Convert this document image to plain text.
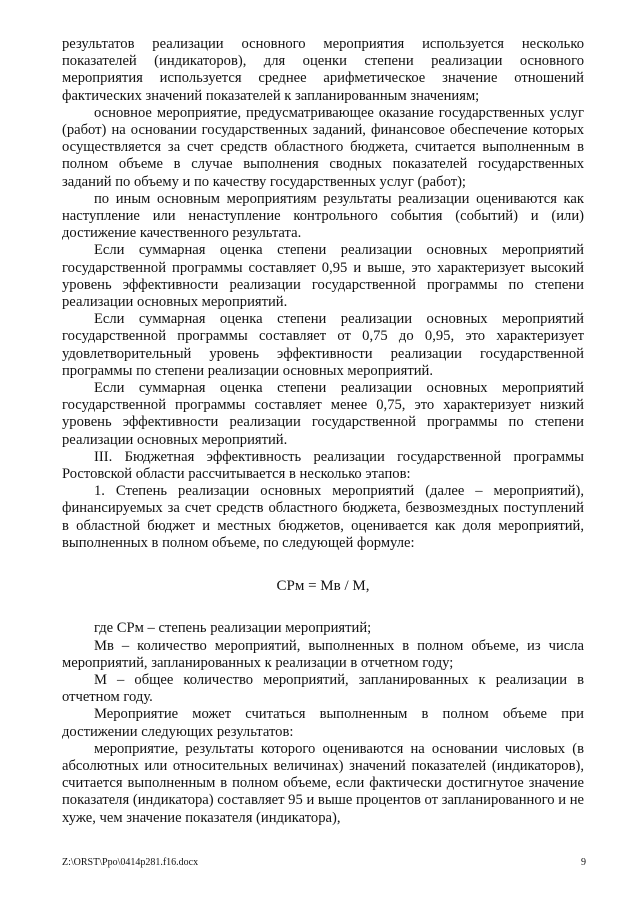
результатов реализации основного мероприятия используется несколько показателей (индикаторов), для оценки степени реализации основного мероприятия используется среднее арифметическое значение отношений фактических значений показателей к запланированным значениям;

основное мероприятие, предусматривающее оказание государственных услуг (работ) на основании государственных заданий, финансовое обеспечение которых осуществляется за счет средств областного бюджета, считается выполненным в полном объеме в случае выполнения сводных показателей государственных заданий по объему и по качеству государственных услуг (работ);

по иным основным мероприятиям результаты реализации оцениваются как наступление или ненаступление контрольного события (событий) и (или) достижение качественного результата.

Если суммарная оценка степени реализации основных мероприятий государственной программы составляет 0,95 и выше, это характеризует высокий уровень эффективности реализации государственной программы по степени реализации основных мероприятий.

Если суммарная оценка степени реализации основных мероприятий государственной программы составляет от 0,75 до 0,95, это характеризует удовлетворительный уровень эффективности реализации государственной программы по степени реализации основных мероприятий.

Если суммарная оценка степени реализации основных мероприятий государственной программы составляет менее 0,75, это характеризует низкий уровень эффективности реализации государственной программы по степени реализации основных мероприятий.

III. Бюджетная эффективность реализации государственной программы Ростовской области рассчитывается в несколько этапов:

1. Степень реализации основных мероприятий (далее – мероприятий), финансируемых за счет средств областного бюджета, безвозмездных поступлений в областной бюджет и местных бюджетов, оценивается как доля мероприятий, выполненных в полном объеме, по следующей формуле:

СРм = Мв / М,

где СРм – степень реализации мероприятий;

Мв – количество мероприятий, выполненных в полном объеме, из числа мероприятий, запланированных к реализации в отчетном году;

М – общее количество мероприятий, запланированных к реализации в отчетном году.

Мероприятие может считаться выполненным в полном объеме при достижении следующих результатов:

мероприятие, результаты которого оцениваются на основании числовых (в абсолютных или относительных величинах) значений показателей (индикаторов), считается выполненным в полном объеме, если фактически достигнутое значение показателя (индикатора) составляет 95 и выше процентов от запланированного и не хуже, чем значение показателя (индикатора),

Z:\ORST\Ppo\0414p281.f16.docx	9
